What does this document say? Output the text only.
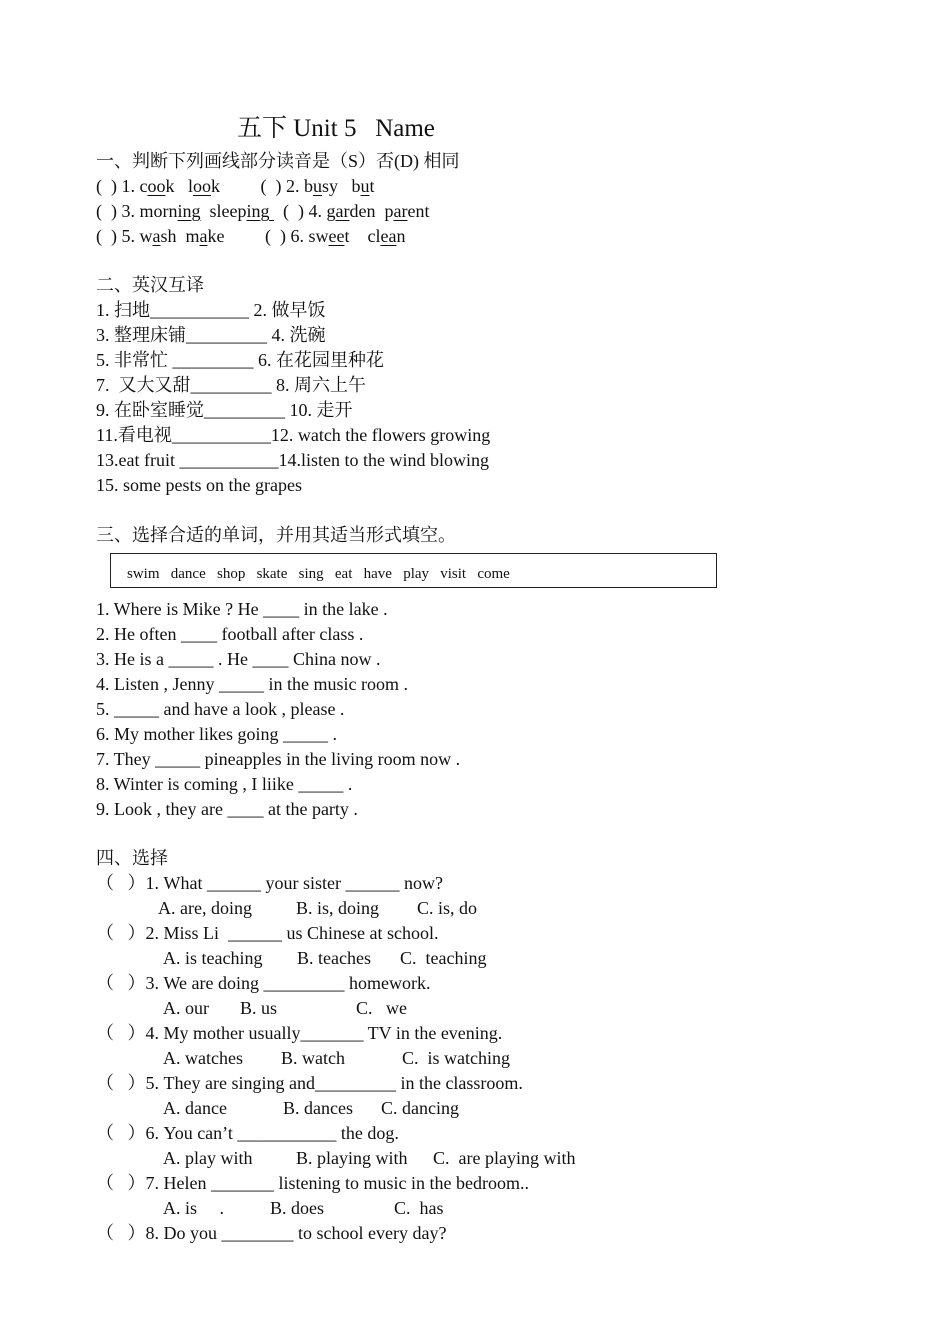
五下 Unit 5   Name
一、判断下列画线部分读音是（S）否(D) 相同
(  ) 1. cook   look         (  ) 2. busy   but
(  ) 3. morning  sleeping   (  ) 4. garden  parent
(  ) 5. wash  make         (  ) 6. sweet    clean
二、英汉互译
1. 扫地___________ 2. 做早饭
3. 整理床铺_________ 4. 洗碗
5. 非常忙 _________ 6. 在花园里种花
7.  又大又甜_________ 8. 周六上午
9. 在卧室睡觉_________ 10. 走开
11.看电视___________12. watch the flowers growing
13.eat fruit ___________14.listen to the wind blowing
15. some pests on the grapes
三、选择合适的单词，并用其适当形式填空。
swim   dance   shop   skate   sing   eat   have   play   visit   come
1. Where is Mike ? He ____ in the lake .
2. He often ____ football after class .
3. He is a _____ . He ____ China now .
4. Listen , Jenny _____ in the music room .
5. _____ and have a look , please .
6. My mother likes going _____ .
7. They _____ pineapples in the living room now .
8. Winter is coming , I liike _____ .
9. Look , they are ____ at the party .
四、选择
（   ）1. What ______ your sister ______ now?
A. are, doing B. is, doing C. is, do
（   ）2. Miss Li  ______ us Chinese at school.
A. is teaching B. teaches C.  teaching
（   ）3. We are doing _________ homework.
A. our B. us	C.   we
（   ）4. My mother usually_______ TV in the evening.
A. watches B. watch	C.  is watching
（   ）5. They are singing and_________ in the classroom.
A. dance	B. dances C. dancing
（   ）6. You can’t ___________ the dog.
A. play with B. playing with C.  are playing with
（   ）7. Helen _______ listening to music in the bedroom..
A. is     .	B. does	C.  has
（   ）8. Do you ________ to school every day?
